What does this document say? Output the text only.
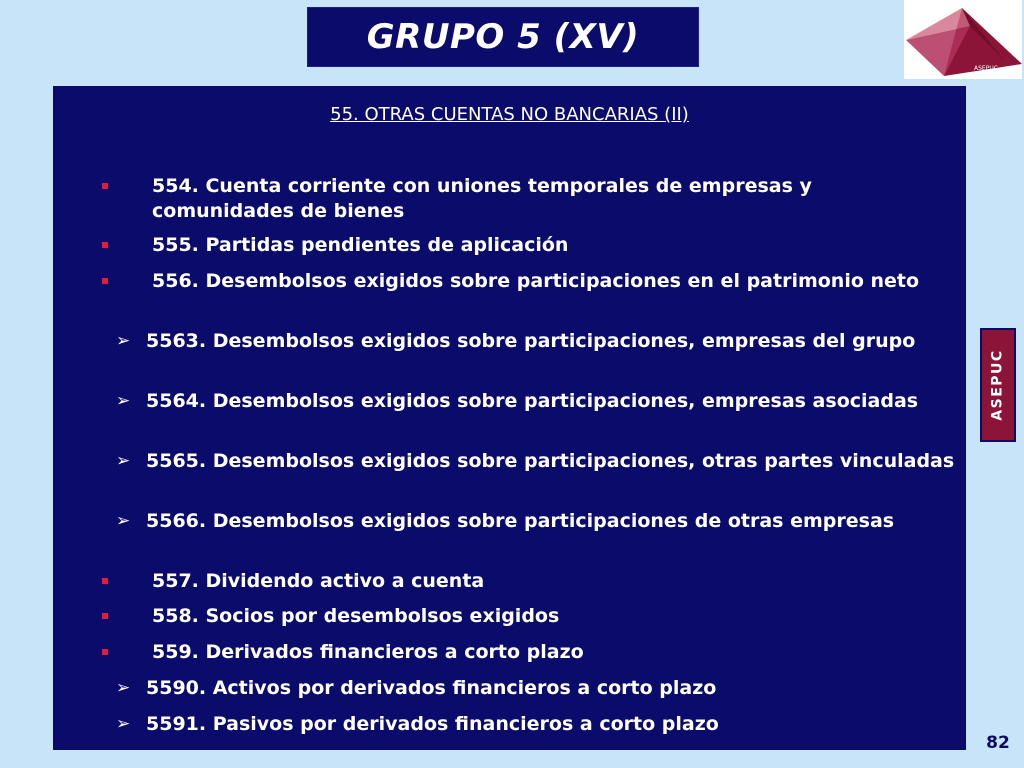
GRUPO 5 (XV)
ASEPUC
ASEPUC
55. OTRAS CUENTAS NO BANCARIAS (II)
554. Cuenta corriente con uniones temporales de empresas y comunidades de bienes
555. Partidas pendientes de aplicación
556. Desembolsos exigidos sobre participaciones en el patrimonio neto
➢ 5563. Desembolsos exigidos sobre participaciones, empresas del grupo
➢ 5564. Desembolsos exigidos sobre participaciones, empresas asociadas
➢ 5565. Desembolsos exigidos sobre participaciones, otras partes vinculadas
➢ 5566. Desembolsos exigidos sobre participaciones de otras empresas
557. Dividendo activo a cuenta
558. Socios por desembolsos exigidos
559. Derivados financieros a corto plazo
➢ 5590. Activos por derivados financieros a corto plazo
➢ 5591. Pasivos por derivados financieros a corto plazo
82
